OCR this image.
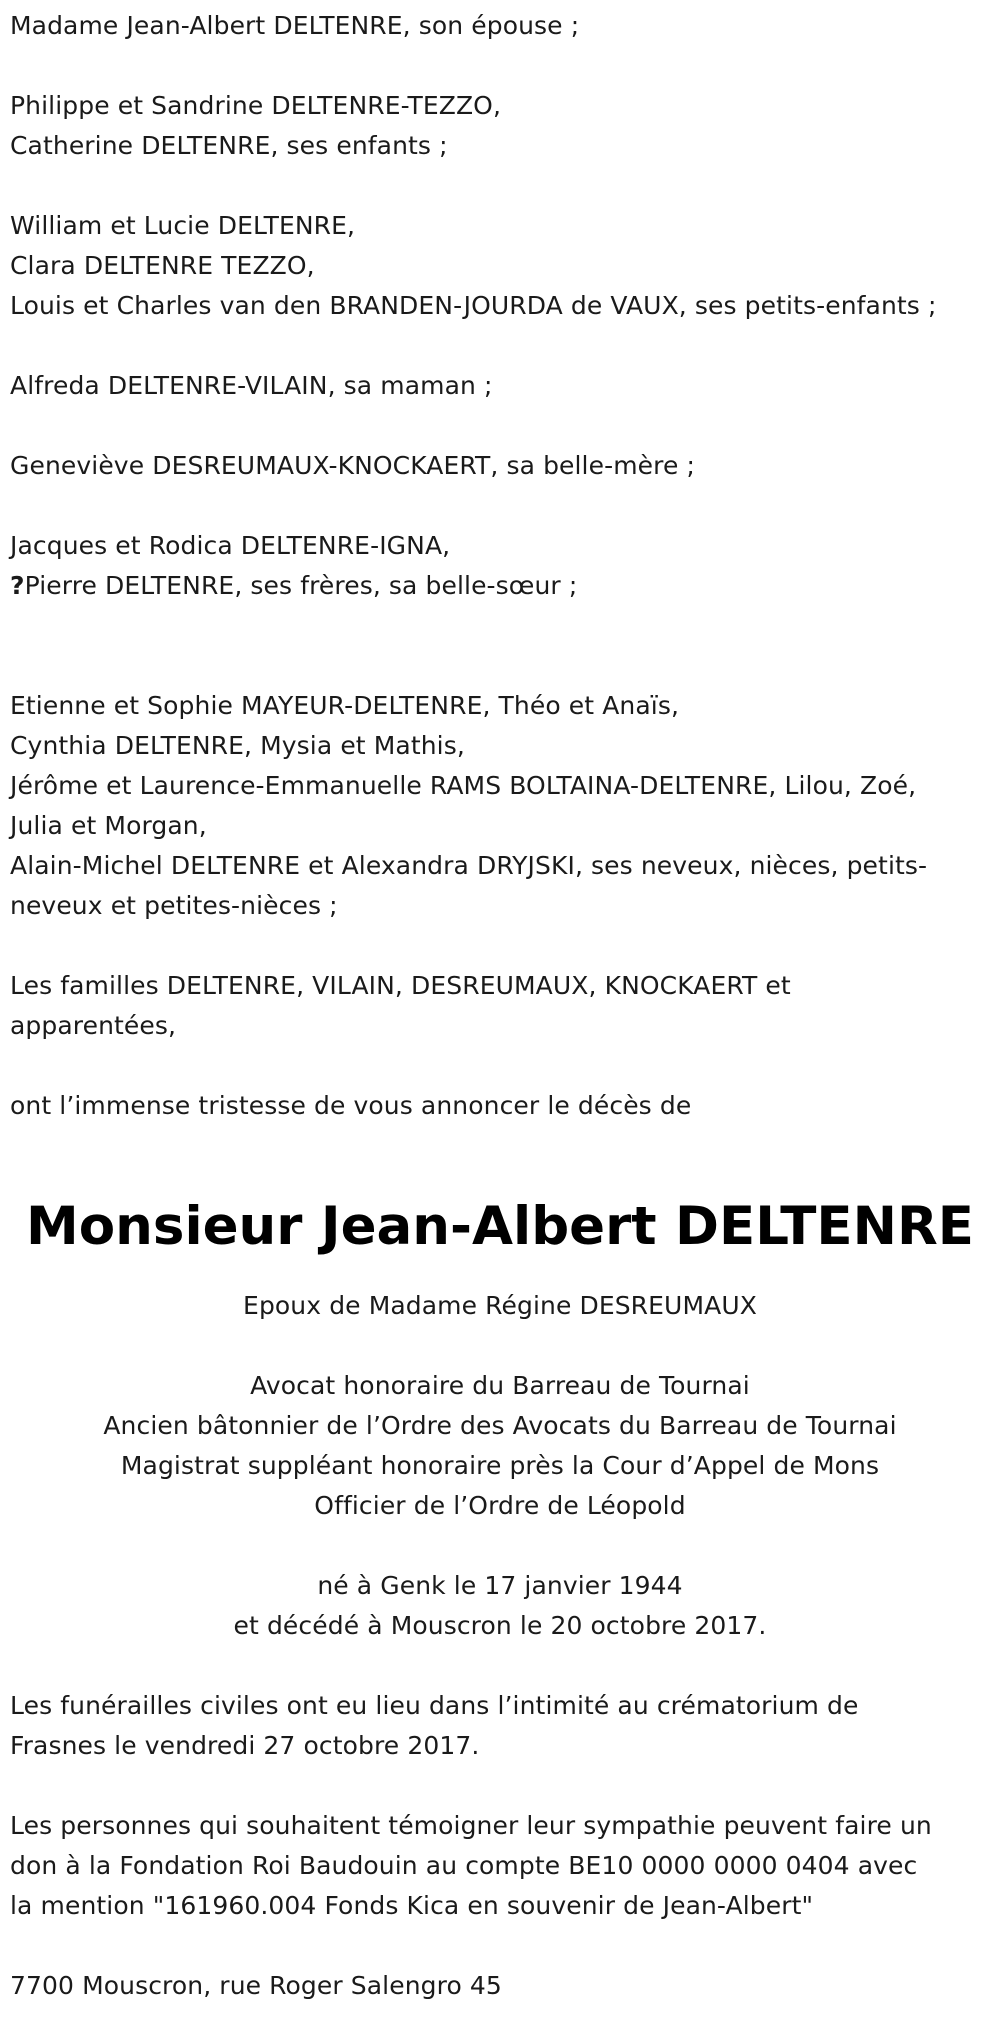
Madame Jean-Albert DELTENRE, son épouse ;
Philippe et Sandrine DELTENRE-TEZZO,
Catherine DELTENRE, ses enfants ;
William et Lucie DELTENRE,
Clara DELTENRE TEZZO,
Louis et Charles van den BRANDEN-JOURDA de VAUX, ses petits-enfants ;
Alfreda DELTENRE-VILAIN, sa maman ;
Geneviève DESREUMAUX-KNOCKAERT, sa belle-mère ;
Jacques et Rodica DELTENRE-IGNA,
?Pierre DELTENRE, ses frères, sa belle-sœur ;
Etienne et Sophie MAYEUR-DELTENRE, Théo et Anaïs,
Cynthia DELTENRE, Mysia et Mathis,
Jérôme et Laurence-Emmanuelle RAMS BOLTAINA-DELTENRE, Lilou, Zoé,
Julia et Morgan,
Alain-Michel DELTENRE et Alexandra DRYJSKI, ses neveux, nièces, petits-
neveux et petites-nièces ;
Les familles DELTENRE, VILAIN, DESREUMAUX, KNOCKAERT et
apparentées,
ont l’immense tristesse de vous annoncer le décès de
Monsieur Jean-Albert DELTENRE
Epoux de Madame Régine DESREUMAUX
Avocat honoraire du Barreau de Tournai
Ancien bâtonnier de l’Ordre des Avocats du Barreau de Tournai
Magistrat suppléant honoraire près la Cour d’Appel de Mons
Officier de l’Ordre de Léopold
né à Genk le 17 janvier 1944
et décédé à Mouscron le 20 octobre 2017.
Les funérailles civiles ont eu lieu dans l’intimité au crématorium de
Frasnes le vendredi 27 octobre 2017.
Les personnes qui souhaitent témoigner leur sympathie peuvent faire un
don à la Fondation Roi Baudouin au compte BE10 0000 0000 0404 avec
la mention "161960.004 Fonds Kica en souvenir de Jean-Albert"
7700 Mouscron, rue Roger Salengro 45
